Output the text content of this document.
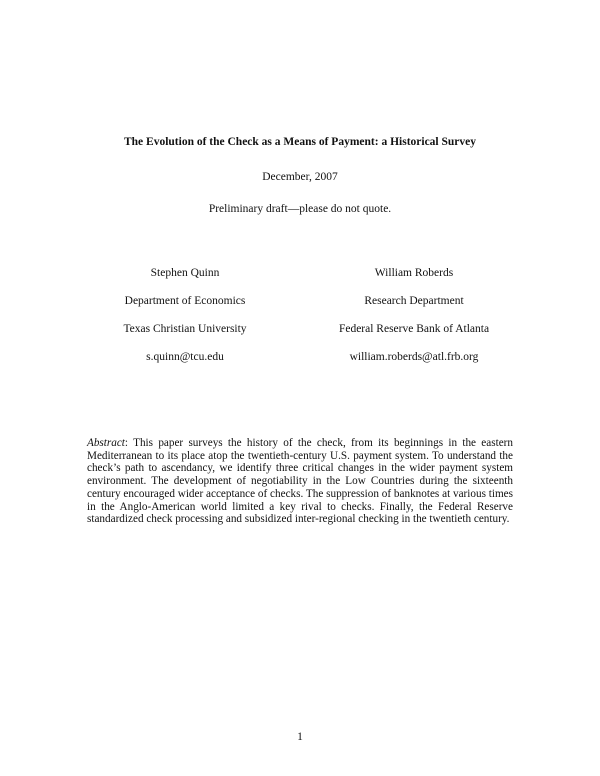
The Evolution of the Check as a Means of Payment: a Historical Survey
December, 2007
Preliminary draft—please do not quote.
Stephen Quinn
Department of Economics
Texas Christian University
s.quinn@tcu.edu
William Roberds
Research Department
Federal Reserve Bank of Atlanta
william.roberds@atl.frb.org
Abstract: This paper surveys the history of the check, from its beginnings in the eastern Mediterranean to its place atop the twentieth-century U.S. payment system. To understand the check’s path to ascendancy, we identify three critical changes in the wider payment system environment. The development of negotiability in the Low Countries during the sixteenth century encouraged wider acceptance of checks. The suppression of banknotes at various times in the Anglo-American world limited a key rival to checks. Finally, the Federal Reserve standardized check processing and subsidized inter-regional checking in the twentieth century.
1
